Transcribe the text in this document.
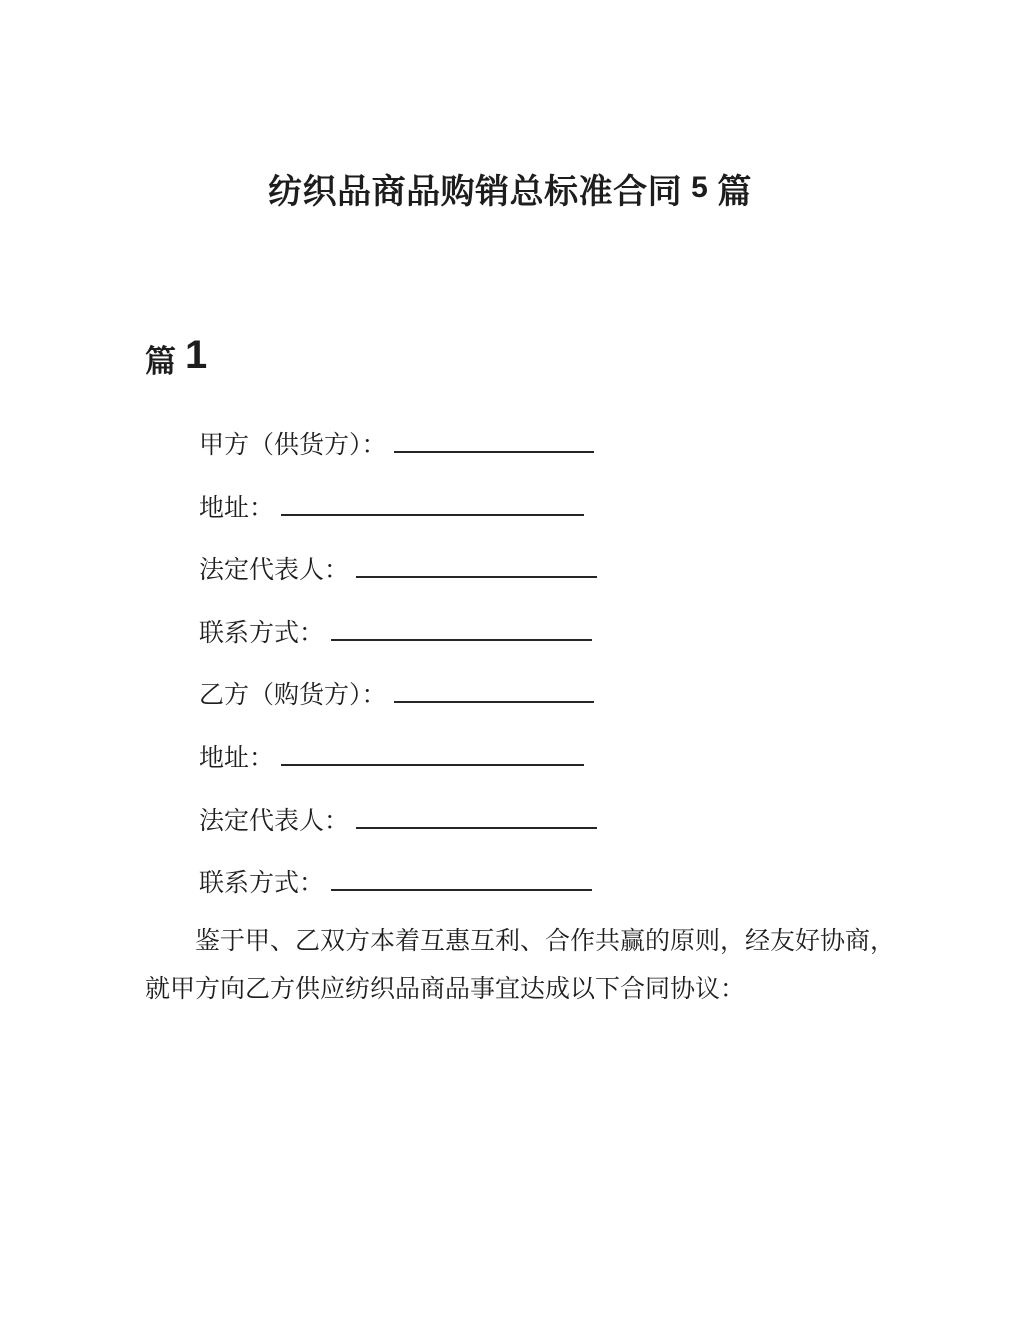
纺织品商品购销总标准合同 5 篇
篇 1
甲方（供货方）：
地址：
法定代表人：
联系方式：
乙方（购货方）：
地址：
法定代表人：
联系方式：
鉴于甲、乙双方本着互惠互利、合作共赢的原则，经友好协商，
就甲方向乙方供应纺织品商品事宜达成以下合同协议：
